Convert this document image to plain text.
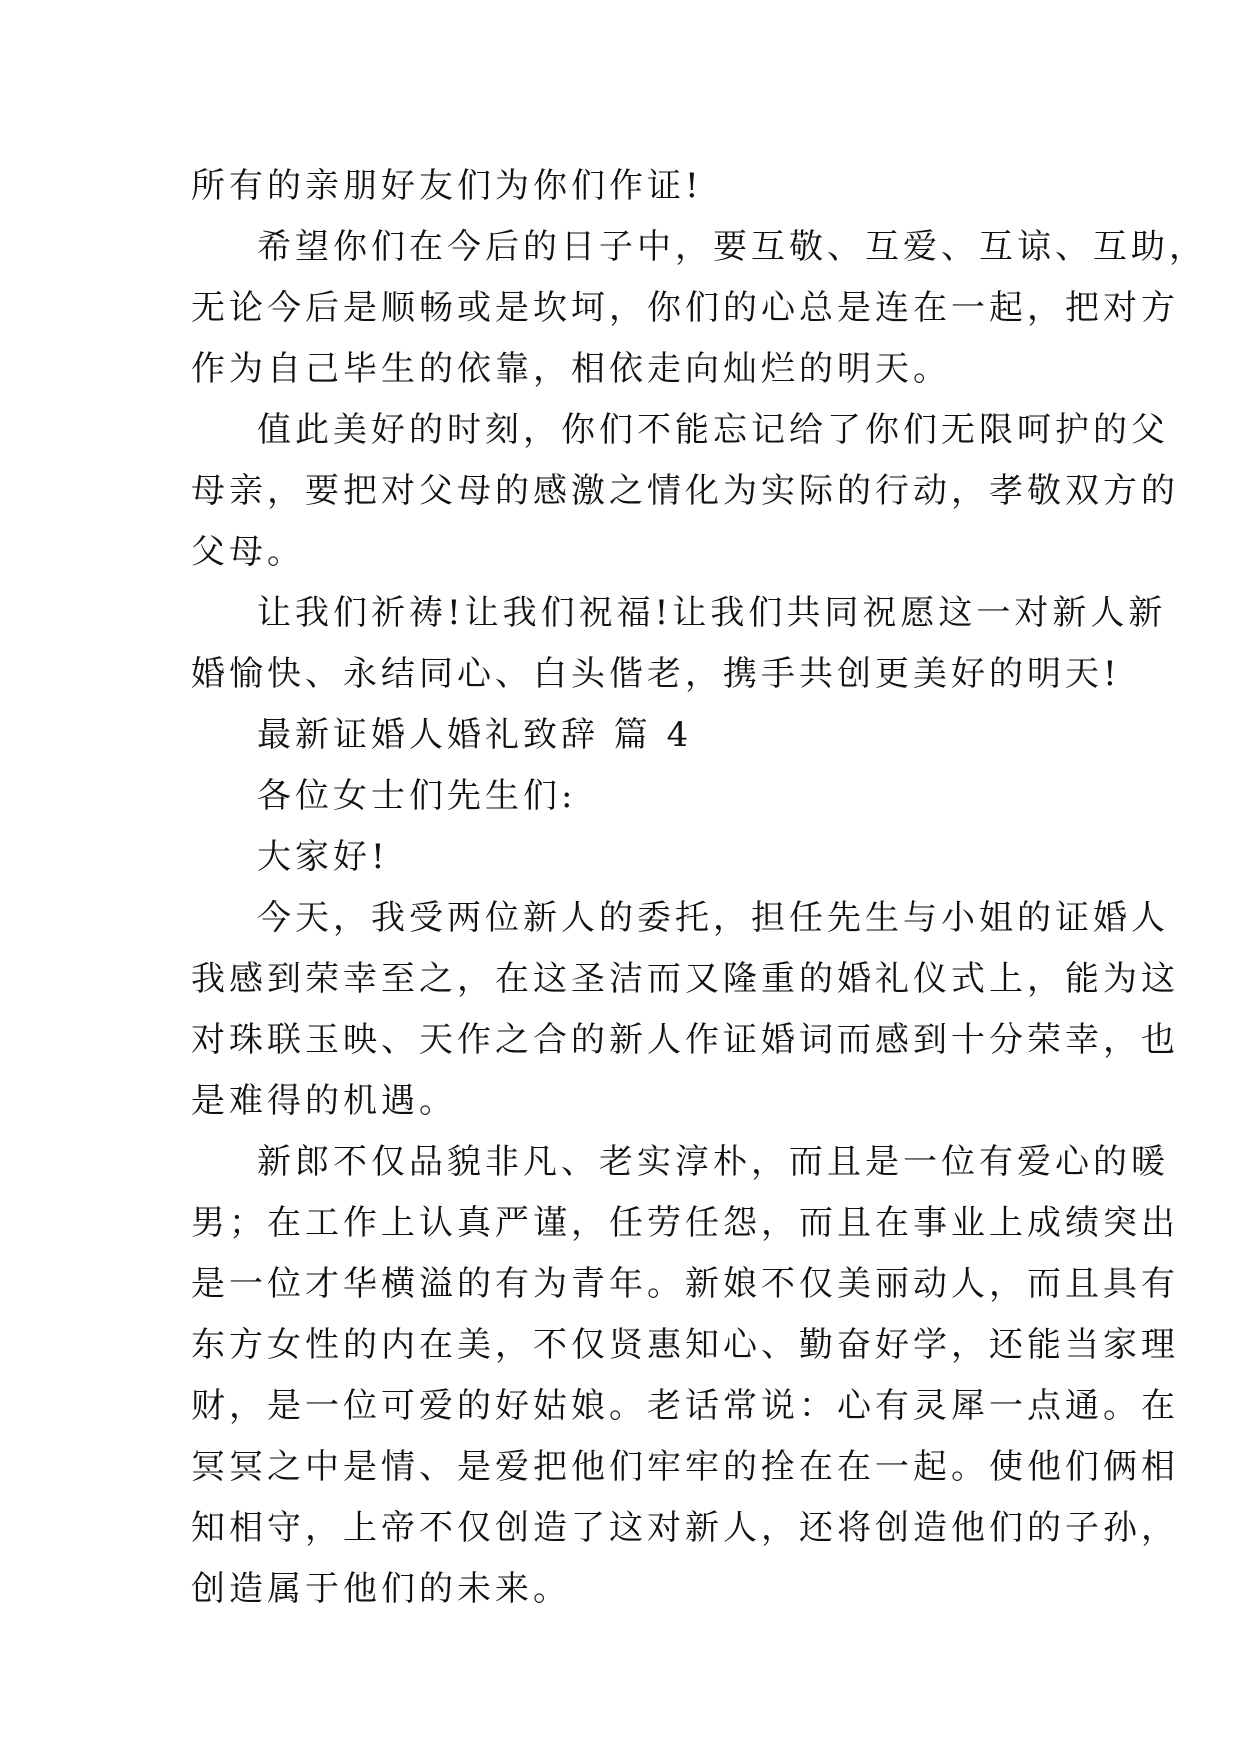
所有的亲朋好友们为你们作证!
希望你们在今后的日子中，要互敬、互爱、互谅、互助，
无论今后是顺畅或是坎坷，你们的心总是连在一起，把对方
作为自己毕生的依靠，相依走向灿烂的明天。
值此美好的时刻，你们不能忘记给了你们无限呵护的父
母亲，要把对父母的感激之情化为实际的行动，孝敬双方的
父母。
让我们祈祷!让我们祝福!让我们共同祝愿这一对新人新
婚愉快、永结同心、白头偕老，携手共创更美好的明天!
最新证婚人婚礼致辞 篇 4
各位女士们先生们:
大家好!
今天，我受两位新人的委托，担任先生与小姐的证婚人
我感到荣幸至之，在这圣洁而又隆重的婚礼仪式上，能为这
对珠联玉映、天作之合的新人作证婚词而感到十分荣幸，也
是难得的机遇。
新郎不仅品貌非凡、老实淳朴，而且是一位有爱心的暖
男；在工作上认真严谨，任劳任怨，而且在事业上成绩突出
是一位才华横溢的有为青年。新娘不仅美丽动人，而且具有
东方女性的内在美，不仅贤惠知心、勤奋好学，还能当家理
财，是一位可爱的好姑娘。老话常说：心有灵犀一点通。在
冥冥之中是情、是爱把他们牢牢的拴在在一起。使他们俩相
知相守，上帝不仅创造了这对新人，还将创造他们的子孙，
创造属于他们的未来。
